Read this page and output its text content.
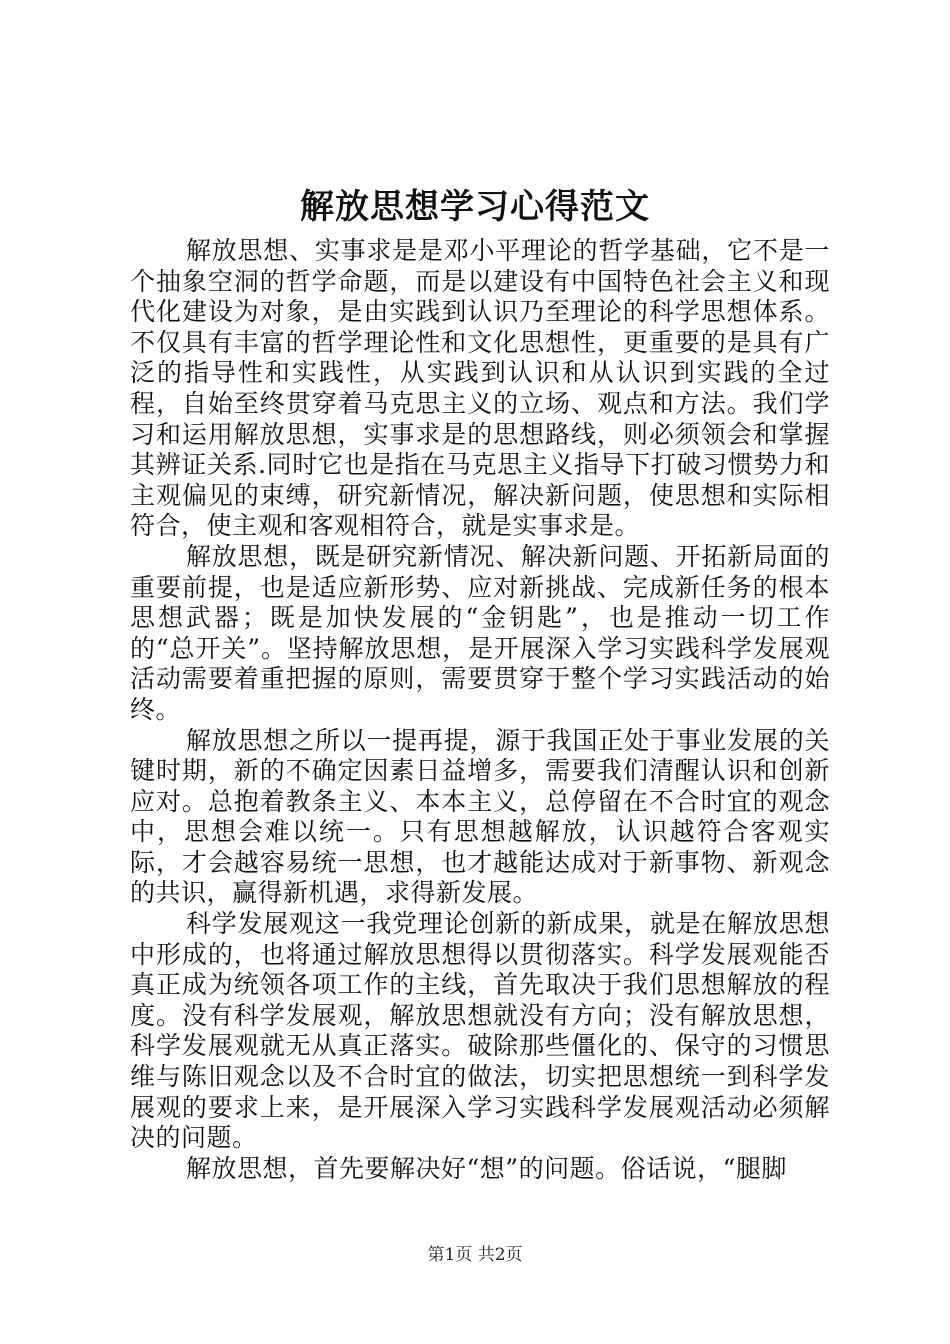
解放思想学习心得范文

解放思想、实事求是是邓小平理论的哲学基础，它不是一个抽象空洞的哲学命题，而是以建设有中国特色社会主义和现代化建设为对象，是由实践到认识乃至理论的科学思想体系。不仅具有丰富的哲学理论性和文化思想性，更重要的是具有广泛的指导性和实践性，从实践到认识和从认识到实践的全过程，自始至终贯穿着马克思主义的立场、观点和方法。我们学习和运用解放思想，实事求是的思想路线，则必须领会和掌握其辨证关系.同时它也是指在马克思主义指导下打破习惯势力和主观偏见的束缚，研究新情况，解决新问题，使思想和实际相符合，使主观和客观相符合，就是实事求是。

解放思想，既是研究新情况、解决新问题、开拓新局面的重要前提，也是适应新形势、应对新挑战、完成新任务的根本思想武器；既是加快发展的“金钥匙”，也是推动一切工作的“总开关”。坚持解放思想，是开展深入学习实践科学发展观活动需要着重把握的原则，需要贯穿于整个学习实践活动的始终。

解放思想之所以一提再提，源于我国正处于事业发展的关键时期，新的不确定因素日益增多，需要我们清醒认识和创新应对。总抱着教条主义、本本主义，总停留在不合时宜的观念中，思想会难以统一。只有思想越解放，认识越符合客观实际，才会越容易统一思想，也才越能达成对于新事物、新观念的共识，赢得新机遇，求得新发展。

科学发展观这一我党理论创新的新成果，就是在解放思想中形成的，也将通过解放思想得以贯彻落实。科学发展观能否真正成为统领各项工作的主线，首先取决于我们思想解放的程度。没有科学发展观，解放思想就没有方向；没有解放思想，科学发展观就无从真正落实。破除那些僵化的、保守的习惯思维与陈旧观念以及不合时宜的做法，切实把思想统一到科学发展观的要求上来，是开展深入学习实践科学发展观活动必须解决的问题。

解放思想，首先要解决好“想”的问题。俗话说，“腿脚

第1页 共2页
